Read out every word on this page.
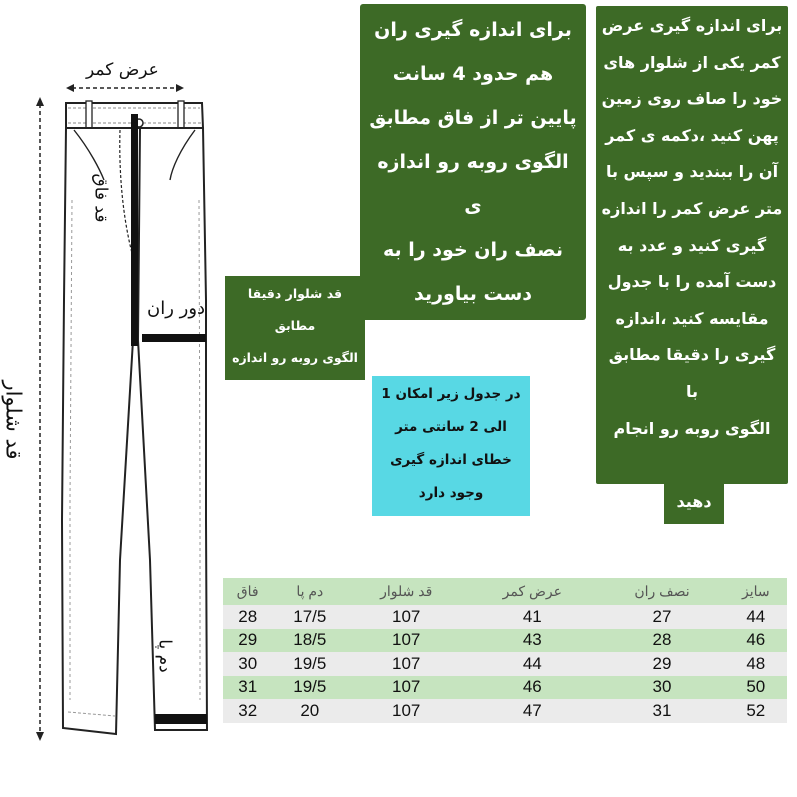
عرض کمر
قد فاق
دور ران
قد شلوار
دم پا
برای اندازه گیری عرض
کمر یکی از شلوار های
خود را صاف روی زمین
پهن کنید ،دکمه ی کمر
آن را ببندید و سپس با
متر عرض کمر را اندازه
گیری کنید و عدد به
دست آمده را با جدول
مقایسه کنید ،اندازه
گیری را دقیقا مطابق با
الگوی روبه رو انجام
دهید
برای اندازه گیری ران
هم حدود 4 سانت
پایین تر از فاق مطابق
الگوی روبه رو اندازه ی
نصف ران خود را به
دست بیاورید
قد شلوار دقیقا مطابق
الگوی روبه رو اندازه
گیری شده است	در جدول زیر امکان 1
الی 2 سانتی متر
خطای اندازه گیری
وجود دارد
سایز	نصف ران	عرض کمر	قد شلوار	دم پا	فاق
44	27	41	107	17/5	28
46	28	43	107	18/5	29
48	29	44	107	19/5	30
50	30	46	107	19/5	31
52	31	47	107	20	32
